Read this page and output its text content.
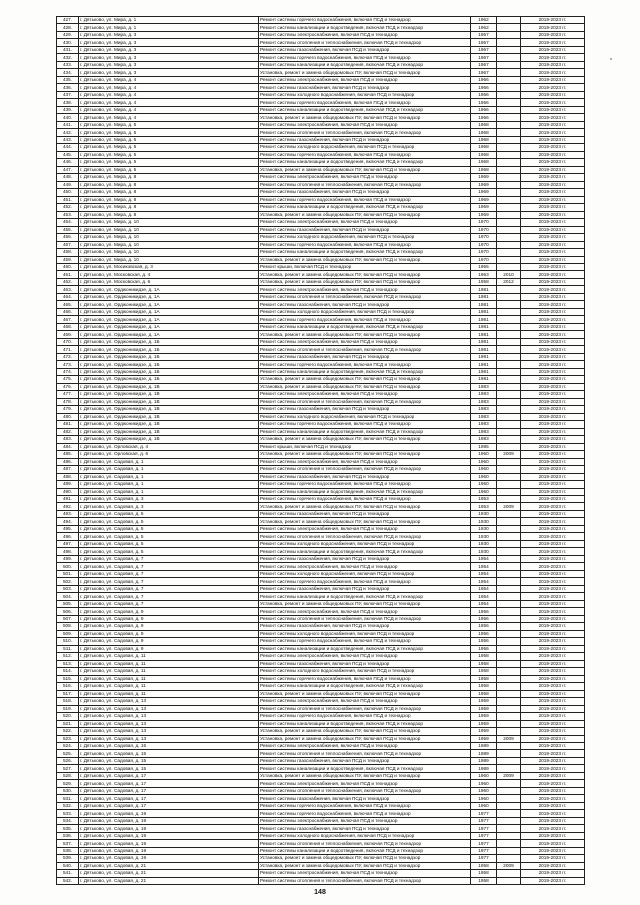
427.	г. Дятьково, ул. Мира, д. 1	Ремонт системы горячего водоснабжения, включая ПСД и технадзор	1962		2019-2023 гг.
428.	г. Дятьково, ул. Мира, д. 1	Ремонт системы канализации и водоотведения, включая ПСД и технадзор	1962		2019-2023 гг.
429.	г. Дятьково, ул. Мира, д. 3	Ремонт системы электроснабжения, включая ПСД и технадзор	1967		2019-2023 гг.
430.	г. Дятьково, ул. Мира, д. 3	Ремонт системы отопления и теплоснабжения, включая ПСД и технадзор	1967		2019-2023 гг.
431.	г. Дятьково, ул. Мира, д. 3	Ремонт системы газоснабжения, включая ПСД и технадзор	1967		2019-2023 гг.
432.	г. Дятьково, ул. Мира, д. 3	Ремонт системы горячего водоснабжения, включая ПСД и технадзор	1967		2019-2023 гг.
433.	г. Дятьково, ул. Мира, д. 3	Ремонт системы канализации и водоотведения, включая ПСД и технадзор	1967		2019-2023 гг.
434.	г. Дятьково, ул. Мира, д. 3	Установка, ремонт и замена общедомовых ПУ, включая ПСД и технадзор	1967		2019-2023 гг.
435.	г. Дятьково, ул. Мира, д. 4	Ремонт системы электроснабжения, включая ПСД и технадзор	1966		2019-2023 гг.
436.	г. Дятьково, ул. Мира, д. 4	Ремонт системы газоснабжения, включая ПСД и технадзор	1966		2019-2023 гг.
437.	г. Дятьково, ул. Мира, д. 4	Ремонт системы холодного водоснабжения, включая ПСД и технадзор	1966		2019-2023 гг.
438.	г. Дятьково, ул. Мира, д. 4	Ремонт системы горячего водоснабжения, включая ПСД и технадзор	1966		2019-2023 гг.
439.	г. Дятьково, ул. Мира, д. 4	Ремонт системы канализации и водоотведения, включая ПСД и технадзор	1966		2019-2023 гг.
440.	г. Дятьково, ул. Мира, д. 4	Установка, ремонт и замена общедомовых ПУ, включая ПСД и технадзор	1966		2019-2023 гг.
441.	г. Дятьково, ул. Мира, д. 5	Ремонт системы электроснабжения, включая ПСД и технадзор	1968		2019-2023 гг.
442.	г. Дятьково, ул. Мира, д. 5	Ремонт системы отопления и теплоснабжения, включая ПСД и технадзор	1968		2019-2023 гг.
443.	г. Дятьково, ул. Мира, д. 5	Ремонт системы газоснабжения, включая ПСД и технадзор	1968		2019-2023 гг.
444.	г. Дятьково, ул. Мира, д. 5	Ремонт системы холодного водоснабжения, включая ПСД и технадзор	1968		2019-2023 гг.
445.	г. Дятьково, ул. Мира, д. 5	Ремонт системы горячего водоснабжения, включая ПСД и технадзор	1968		2019-2023 гг.
446.	г. Дятьково, ул. Мира, д. 5	Ремонт системы канализации и водоотведения, включая ПСД и технадзор	1968		2019-2023 гг.
447.	г. Дятьково, ул. Мира, д. 5	Установка, ремонт и замена общедомовых ПУ, включая ПСД и технадзор	1968		2019-2023 гг.
448.	г. Дятьково, ул. Мира, д. 8	Ремонт системы электроснабжения, включая ПСД и технадзор	1969		2019-2023 гг.
449.	г. Дятьково, ул. Мира, д. 8	Ремонт системы отопления и теплоснабжения, включая ПСД и технадзор	1969		2019-2023 гг.
450.	г. Дятьково, ул. Мира, д. 8	Ремонт системы газоснабжения, включая ПСД и технадзор	1969		2019-2023 гг.
451.	г. Дятьково, ул. Мира, д. 8	Ремонт системы горячего водоснабжения, включая ПСД и технадзор	1969		2019-2023 гг.
452.	г. Дятьково, ул. Мира, д. 8	Ремонт системы канализации и водоотведения, включая ПСД и технадзор	1969		2019-2023 гг.
453.	г. Дятьково, ул. Мира, д. 8	Установка, ремонт и замена общедомовых ПУ, включая ПСД и технадзор	1969		2019-2023 гг.
454.	г. Дятьково, ул. Мира, д. 10	Ремонт системы электроснабжения, включая ПСД и технадзор	1970		2019-2023 гг.
455.	г. Дятьково, ул. Мира, д. 10	Ремонт системы газоснабжения, включая ПСД и технадзор	1970		2019-2023 гг.
456.	г. Дятьково, ул. Мира, д. 10	Ремонт системы холодного водоснабжения, включая ПСД и технадзор	1970		2019-2023 гг.
457.	г. Дятьково, ул. Мира, д. 10	Ремонт системы горячего водоснабжения, включая ПСД и технадзор	1970		2019-2023 гг.
458.	г. Дятьково, ул. Мира, д. 10	Ремонт системы канализации и водоотведения, включая ПСД и технадзор	1970		2019-2023 гг.
459.	г. Дятьково, ул. Мира, д. 10	Установка, ремонт и замена общедомовых ПУ, включая ПСД и технадзор	1970		2019-2023 гг.
460.	г. Дятьково, ул. Мосиковская, д. 3	Ремонт крыши, включая ПСД и технадзор	1965		2019-2023 гг.
461.	г. Дятьково, ул. Московская, д. 4	Установка, ремонт и замена общедомовых ПУ, включая ПСД и технадзор	1963	2010	2019-2023 гг.
462.	г. Дятьково, ул. Московская, д. 6	Установка, ремонт и замена общедомовых ПУ, включая ПСД и технадзор	1958	2012	2019-2023 гг.
463.	г. Дятьково, ул. Орджоникидзе, д. 1А	Ремонт системы электроснабжения, включая ПСД и технадзор	1981		2019-2023 гг.
464.	г. Дятьково, ул. Орджоникидзе, д. 1А	Ремонт системы отопления и теплоснабжения, включая ПСД и технадзор	1981		2019-2023 гг.
465.	г. Дятьково, ул. Орджоникидзе, д. 1А	Ремонт системы газоснабжения, включая ПСД и технадзор	1981		2019-2023 гг.
466.	г. Дятьково, ул. Орджоникидзе, д. 1А	Ремонт системы холодного водоснабжения, включая ПСД и технадзор	1981		2019-2023 гг.
467.	г. Дятьково, ул. Орджоникидзе, д. 1А	Ремонт системы горячего водоснабжения, включая ПСД и технадзор	1981		2019-2023 гг.
468.	г. Дятьково, ул. Орджоникидзе, д. 1А	Ремонт системы канализации и водоотведения, включая ПСД и технадзор	1981		2019-2023 гг.
469.	г. Дятьково, ул. Орджоникидзе, д. 1А	Установка, ремонт и замена общедомовых ПУ, включая ПСД и технадзор	1981		2019-2023 гг.
470.	г. Дятьково, ул. Орджоникидзе, д. 1Б	Ремонт системы электроснабжения, включая ПСД и технадзор	1981		2019-2023 гг.
471.	г. Дятьково, ул. Орджоникидзе, д. 1Б	Ремонт системы отопления и теплоснабжения, включая ПСД и технадзор	1981		2019-2023 гг.
472.	г. Дятьково, ул. Орджоникидзе, д. 1Б	Ремонт системы газоснабжения, включая ПСД и технадзор	1981		2019-2023 гг.
473.	г. Дятьково, ул. Орджоникидзе, д. 1Б	Ремонт системы горячего водоснабжения, включая ПСД и технадзор	1981		2019-2023 гг.
474.	г. Дятьково, ул. Орджоникидзе, д. 1Б	Ремонт системы канализации и водоотведения, включая ПСД и технадзор	1981		2019-2023 гг.
475.	г. Дятьково, ул. Орджоникидзе, д. 1Б	Установка, ремонт и замена общедомовых ПУ, включая ПСД и технадзор	1981		2019-2023 гг.
476.	г. Дятьково, ул. Орджоникидзе, д. 1В	Установка, ремонт и замена общедомовых ПУ, включая ПСД и технадзор	1983		2019-2023 гг.
477.	г. Дятьково, ул. Орджоникидзе, д. 1В	Ремонт системы электроснабжения, включая ПСД и технадзор	1983		2019-2023 гг.
478.	г. Дятьково, ул. Орджоникидзе, д. 1В	Ремонт системы отопления и теплоснабжения, включая ПСД и технадзор	1983		2019-2023 гг.
479.	г. Дятьково, ул. Орджоникидзе, д. 1В	Ремонт системы газоснабжения, включая ПСД и технадзор	1983		2019-2023 гг.
480.	г. Дятьково, ул. Орджоникидзе, д. 1В	Ремонт системы холодного водоснабжения, включая ПСД и технадзор	1983		2019-2023 гг.
481.	г. Дятьково, ул. Орджоникидзе, д. 1В	Ремонт системы горячего водоснабжения, включая ПСД и технадзор	1983		2019-2023 гг.
482.	г. Дятьково, ул. Орджоникидзе, д. 1В	Ремонт системы канализации и водоотведения, включая ПСД и технадзор	1983		2019-2023 гг.
483.	г. Дятьково, ул. Орджоникидзе, д. 1В	Установка, ремонт и замена общедомовых ПУ, включая ПСД и технадзор	1983		2019-2023 гг.
484.	г. Дятьково, ул. Орловская, д. 4	Ремонт крыши, включая ПСД и технадзор	1985		2019-2023 гг.
485.	г. Дятьково, ул. Орловская, д. 6	Установка, ремонт и замена общедомовых ПУ, включая ПСД и технадзор	1960	2009	2019-2023 гг.
486.	г. Дятьково, ул. Садовая, д. 1	Ремонт системы электроснабжения, включая ПСД и технадзор	1960		2019-2023 гг.
487.	г. Дятьково, ул. Садовая, д. 1	Ремонт системы отопления и теплоснабжения, включая ПСД и технадзор	1960		2019-2023 гг.
488.	г. Дятьково, ул. Садовая, д. 1	Ремонт системы газоснабжения, включая ПСД и технадзор	1960		2019-2023 гг.
489.	г. Дятьково, ул. Садовая, д. 1	Ремонт системы горячего водоснабжения, включая ПСД и технадзор	1960		2019-2023 гг.
490.	г. Дятьково, ул. Садовая, д. 1	Ремонт системы канализации и водоотведения, включая ПСД и технадзор	1960		2019-2023 гг.
491.	г. Дятьково, ул. Садовая, д. 3	Ремонт системы горячего водоснабжения, включая ПСД и технадзор	1953		2019-2023 гг.
492.	г. Дятьково, ул. Садовая, д. 3	Установка, ремонт и замена общедомовых ПУ, включая ПСД и технадзор	1953	2009	2019-2023 гг.
493.	г. Дятьково, ул. Садовая, д. 5	Ремонт системы газоснабжения, включая ПСД и технадзор	1930		2019-2023 гг.
494.	г. Дятьково, ул. Садовая, д. 5	Установка, ремонт и замена общедомовых ПУ, включая ПСД и технадзор	1930		2019-2023 гг.
495.	г. Дятьково, ул. Садовая, д. 5	Ремонт системы электроснабжения, включая ПСД и технадзор	1930		2019-2023 гг.
496.	г. Дятьково, ул. Садовая, д. 5	Ремонт системы отопления и теплоснабжения, включая ПСД и технадзор	1930		2019-2023 гг.
497.	г. Дятьково, ул. Садовая, д. 5	Ремонт системы холодного водоснабжения, включая ПСД и технадзор	1930		2019-2023 гг.
498.	г. Дятьково, ул. Садовая, д. 5	Ремонт системы канализации и водоотведения, включая ПСД и технадзор	1930		2019-2023 гг.
499.	г. Дятьково, ул. Садовая, д. 7	Ремонт системы газоснабжения, включая ПСД и технадзор	1954		2019-2023 гг.
500.	г. Дятьково, ул. Садовая, д. 7	Ремонт системы электроснабжения, включая ПСД и технадзор	1954		2019-2023 гг.
501.	г. Дятьково, ул. Садовая, д. 7	Ремонт системы холодного водоснабжения, включая ПСД и технадзор	1954		2019-2023 гг.
502.	г. Дятьково, ул. Садовая, д. 7	Ремонт системы горячего водоснабжения, включая ПСД и технадзор	1954		2019-2023 гг.
503.	г. Дятьково, ул. Садовая, д. 7	Ремонт системы газоснабжения, включая ПСД и технадзор	1954		2019-2023 гг.
504.	г. Дятьково, ул. Садовая, д. 7	Ремонт системы канализации и водоотведения, включая ПСД и технадзор	1954		2019-2023 гг.
505.	г. Дятьково, ул. Садовая, д. 7	Установка, ремонт и замена общедомовых ПУ, включая ПСД и технадзор	1954		2019-2023 гг.
506.	г. Дятьково, ул. Садовая, д. 9	Ремонт системы электроснабжения, включая ПСД и технадзор	1956		2019-2023 гг.
507.	г. Дятьково, ул. Садовая, д. 9	Ремонт системы отопления и теплоснабжения, включая ПСД и технадзор	1956		2019-2023 гг.
508.	г. Дятьково, ул. Садовая, д. 9	Ремонт системы газоснабжения, включая ПСД и технадзор	1956		2019-2023 гг.
509.	г. Дятьково, ул. Садовая, д. 9	Ремонт системы холодного водоснабжения, включая ПСД и технадзор	1956		2019-2023 гг.
510.	г. Дятьково, ул. Садовая, д. 9	Ремонт системы горячего водоснабжения, включая ПСД и технадзор	1956		2019-2023 гг.
511.	г. Дятьково, ул. Садовая, д. 9	Ремонт системы канализации и водоотведения, включая ПСД и технадзор	1956		2019-2023 гг.
512.	г. Дятьково, ул. Садовая, д. 11	Ремонт системы электроснабжения, включая ПСД и технадзор	1958		2019-2023 гг.
513.	г. Дятьково, ул. Садовая, д. 11	Ремонт системы газоснабжения, включая ПСД и технадзор	1958		2019-2023 гг.
514.	г. Дятьково, ул. Садовая, д. 11	Ремонт системы холодного водоснабжения, включая ПСД и технадзор	1958		2019-2023 гг.
515.	г. Дятьково, ул. Садовая, д. 11	Ремонт системы горячего водоснабжения, включая ПСД и технадзор	1958		2019-2023 гг.
516.	г. Дятьково, ул. Садовая, д. 11	Ремонт системы канализации и водоотведения, включая ПСД и технадзор	1958		2019-2023 гг.
517.	г. Дятьково, ул. Садовая, д. 11	Установка, ремонт и замена общедомовых ПУ, включая ПСД и технадзор	1958		2019-2023 гг.
518.	г. Дятьково, ул. Садовая, д. 13	Ремонт системы электроснабжения, включая ПСД и технадзор	1959		2019-2023 гг.
519.	г. Дятьково, ул. Садовая, д. 13	Ремонт системы отопления и теплоснабжения, включая ПСД и технадзор	1959		2019-2023 гг.
520.	г. Дятьково, ул. Садовая, д. 13	Ремонт системы горячего водоснабжения, включая ПСД и технадзор	1959		2019-2023 гг.
521.	г. Дятьково, ул. Садовая, д. 13	Ремонт системы канализации и водоотведения, включая ПСД и технадзор	1959		2019-2023 гг.
522.	г. Дятьково, ул. Садовая, д. 13	Установка, ремонт и замена общедомовых ПУ, включая ПСД и технадзор	1959		2019-2023 гг.
523.	г. Дятьково, ул. Садовая, д. 13	Установка, ремонт и замена общедомовых ПУ, включая ПСД и технадзор	1959	2009	2019-2023 гг.
524.	г. Дятьково, ул. Садовая, д. 15	Ремонт системы электроснабжения, включая ПСД и технадзор	1989		2019-2023 гг.
525.	г. Дятьково, ул. Садовая, д. 15	Ремонт системы отопления и теплоснабжения, включая ПСД и технадзор	1989		2019-2023 гг.
526.	г. Дятьково, ул. Садовая, д. 15	Ремонт системы газоснабжения, включая ПСД и технадзор	1989		2019-2023 гг.
527.	г. Дятьково, ул. Садовая, д. 15	Ремонт системы канализации и водоотведения, включая ПСД и технадзор	1989		2019-2023 гг.
528.	г. Дятьково, ул. Садовая, д. 17	Установка, ремонт и замена общедомовых ПУ, включая ПСД и технадзор	1960	2009	2019-2023 гг.
529.	г. Дятьково, ул. Садовая, д. 17	Ремонт системы электроснабжения, включая ПСД и технадзор	1960		2019-2023 гг.
530.	г. Дятьково, ул. Садовая, д. 17	Ремонт системы отопления и теплоснабжения, включая ПСД и технадзор	1960		2019-2023 гг.
531.	г. Дятьково, ул. Садовая, д. 17	Ремонт системы газоснабжения, включая ПСД и технадзор	1960		2019-2023 гг.
532.	г. Дятьково, ул. Садовая, д. 17	Ремонт системы горячего водоснабжения, включая ПСД и технадзор	1960		2019-2023 гг.
533.	г. Дятьково, ул. Садовая, д. 19	Ремонт системы горячего водоснабжения, включая ПСД и технадзор	1977		2019-2023 гг.
534.	г. Дятьково, ул. Садовая, д. 19	Ремонт системы электроснабжения, включая ПСД и технадзор	1977		2019-2023 гг.
535.	г. Дятьково, ул. Садовая, д. 19	Ремонт системы газоснабжения, включая ПСД и технадзор	1977		2019-2023 гг.
536.	г. Дятьково, ул. Садовая, д. 19	Ремонт системы холодного водоснабжения, включая ПСД и технадзор	1977		2019-2023 гг.
537.	г. Дятьково, ул. Садовая, д. 19	Ремонт системы отопления и теплоснабжения, включая ПСД и технадзор	1977		2019-2023 гг.
538.	г. Дятьково, ул. Садовая, д. 19	Ремонт системы канализации и водоотведения, включая ПСД и технадзор	1977		2019-2023 гг.
539.	г. Дятьково, ул. Садовая, д. 19	Установка, ремонт и замена общедомовых ПУ, включая ПСД и технадзор	1977		2019-2023 гг.
540.	г. Дятьково, ул. Садовая, д. 21	Установка, ремонт и замена общедомовых ПУ, включая ПСД и технадзор	1958	2009	2019-2023 гг.
541.	г. Дятьково, ул. Садовая, д. 21	Ремонт системы электроснабжения, включая ПСД и технадзор	1958		2019-2023 гг.
542.	г. Дятьково, ул. Садовая, д. 21	Ремонт системы отопления и теплоснабжения, включая ПСД и технадзор	1958		2019-2023 гг.
148
